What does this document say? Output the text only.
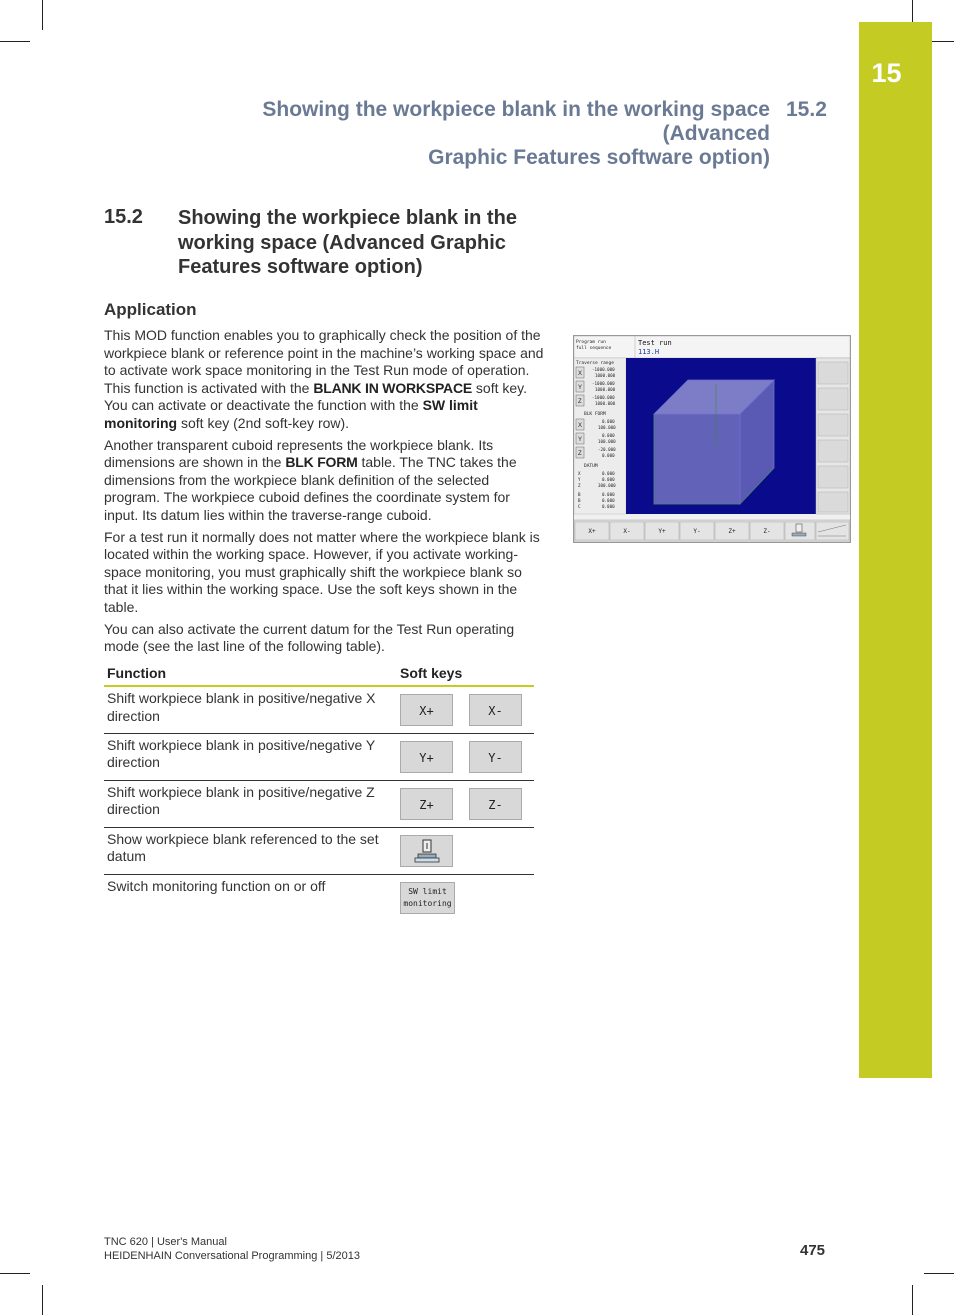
15
Showing the workpiece blank in the working space (Advanced
Graphic Features software option)
15.2
15.2 Showing the workpiece blank in the working space (Advanced Graphic Features software option)
Application

This MOD function enables you to graphically check the position of the workpiece blank or reference point in the machine’s working space and to activate work space monitoring in the Test Run mode of operation. This function is activated with the BLANK IN WORKSPACE soft key. You can activate or deactivate the function with the SW limit monitoring soft key (2nd soft-key row).

Another transparent cuboid represents the workpiece blank. Its dimensions are shown in the BLK FORM table. The TNC takes the dimensions from the workpiece blank definition of the selected program. The workpiece cuboid defines the coordinate system for input. Its datum lies within the traverse-range cuboid.

For a test run it normally does not matter where the workpiece blank is located within the working space. However, if you activate working-space monitoring, you must graphically shift the workpiece blank so that it lies within the working space. Use the soft keys shown in the table.

You can also activate the current datum for the Test Run operating mode (see the last line of the following table).

Function	Soft keys
Shift workpiece blank in positive/negative X direction	X+ X-

Shift workpiece blank in positive/negative Y direction	Y+ Y-

Shift workpiece blank in positive/negative Z direction	Z+ Z-

Show workpiece blank referenced to the set datum	
Switch monitoring function on or off	SW limit
monitoring
Program run
full sequence
Test run
113.H
Traverse range
X
-1000.000
1000.000
Y
-1000.000
1000.000
Z
-1000.000
1000.000
BLK FORM
X
0.000
100.000
Y
0.000
100.000
Z
-20.000
0.000
DATUM
X	0.000
Y	0.000
Z	300.000
B	0.000
B	0.000
C	0.000
X+	X-	Y+	Y-	Z+	Z-
TNC 620 | User's Manual
HEIDENHAIN Conversational Programming | 5/2013	475
